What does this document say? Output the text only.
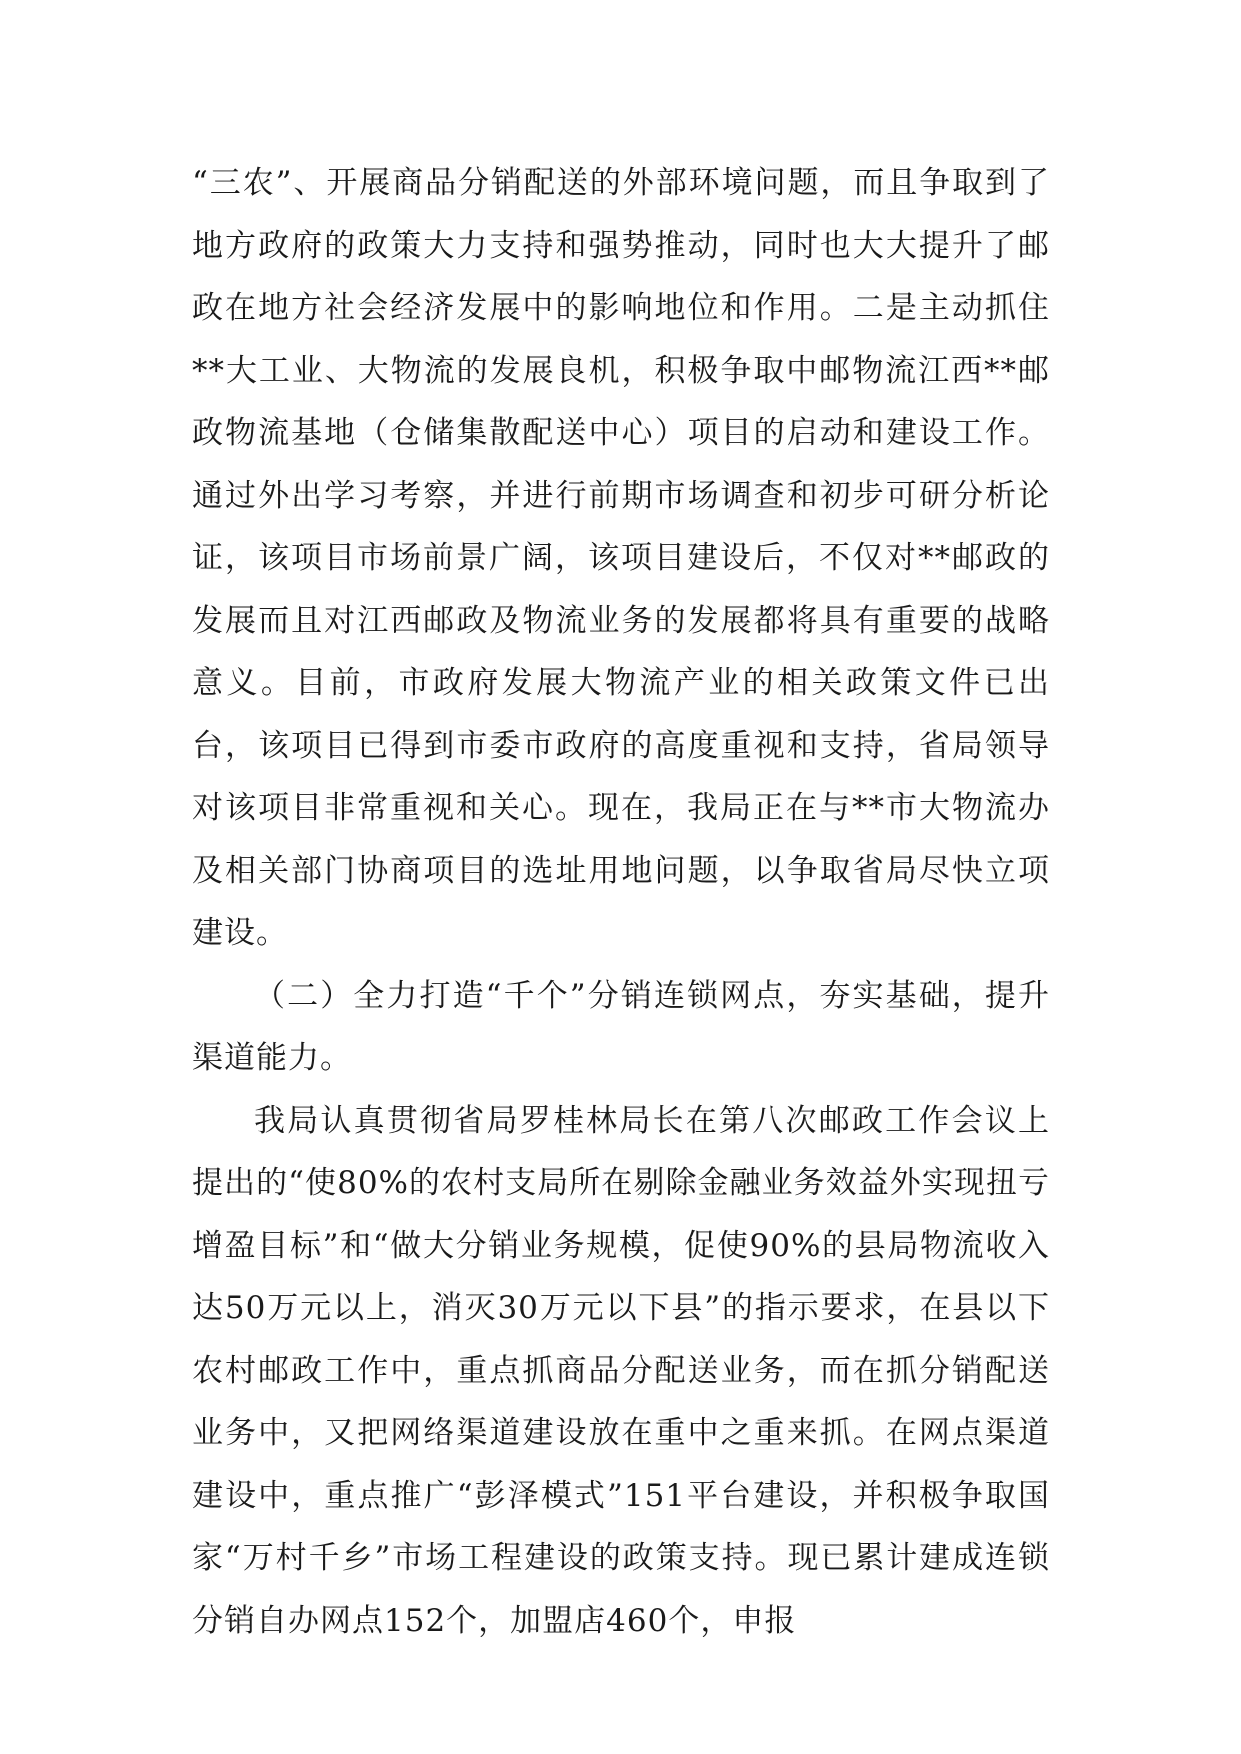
“三农”、开展商品分销配送的外部环境问题，而且争取到了地方政府的政策大力支持和强势推动，同时也大大提升了邮政在地方社会经济发展中的影响地位和作用。二是主动抓住**大工业、大物流的发展良机，积极争取中邮物流江西**邮政物流基地（仓储集散配送中心）项目的启动和建设工作。通过外出学习考察，并进行前期市场调查和初步可研分析论证，该项目市场前景广阔，该项目建设后，不仅对**邮政的发展而且对江西邮政及物流业务的发展都将具有重要的战略意义。目前，市政府发展大物流产业的相关政策文件已出台，该项目已得到市委市政府的高度重视和支持，省局领导对该项目非常重视和关心。现在，我局正在与**市大物流办及相关部门协商项目的选址用地问题，以争取省局尽快立项建设。

（二）全力打造“千个”分销连锁网点，夯实基础，提升渠道能力。

我局认真贯彻省局罗桂林局长在第八次邮政工作会议上提出的“使80%的农村支局所在剔除金融业务效益外实现扭亏增盈目标”和“做大分销业务规模，促使90%的县局物流收入达50万元以上，消灭30万元以下县”的指示要求，在县以下农村邮政工作中，重点抓商品分配送业务，而在抓分销配送业务中，又把网络渠道建设放在重中之重来抓。在网点渠道建设中，重点推广“彭泽模式”151平台建设，并积极争取国家“万村千乡”市场工程建设的政策支持。现已累计建成连锁分销自办网点152个，加盟店460个，申报
